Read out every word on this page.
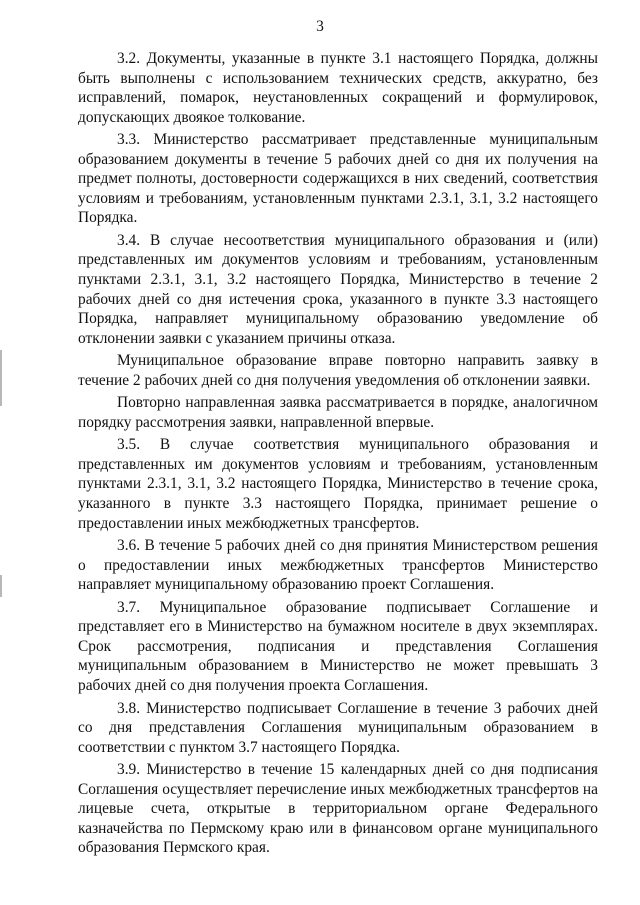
3

3.2. Документы, указанные в пункте 3.1 настоящего Порядка, должны быть выполнены с использованием технических средств, аккуратно, без исправлений, помарок, неустановленных сокращений и формулировок, допускающих двоякое толкование.

3.3. Министерство рассматривает представленные муниципальным образованием документы в течение 5 рабочих дней со дня их получения на предмет полноты, достоверности содержащихся в них сведений, соответствия условиям и требованиям, установленным пунктами 2.3.1, 3.1, 3.2 настоящего Порядка.

3.4. В случае несоответствия муниципального образования и (или) представленных им документов условиям и требованиям, установленным пунктами 2.3.1, 3.1, 3.2 настоящего Порядка, Министерство в течение 2 рабочих дней со дня истечения срока, указанного в пункте 3.3 настоящего Порядка, направляет муниципальному образованию уведомление об отклонении заявки с указанием причины отказа.

Муниципальное образование вправе повторно направить заявку в течение 2 рабочих дней со дня получения уведомления об отклонении заявки.

Повторно направленная заявка рассматривается в порядке, аналогичном порядку рассмотрения заявки, направленной впервые.

3.5. В случае соответствия муниципального образования и представленных им документов условиям и требованиям, установленным пунктами 2.3.1, 3.1, 3.2 настоящего Порядка, Министерство в течение срока, указанного в пункте 3.3 настоящего Порядка, принимает решение о предоставлении иных межбюджетных трансфертов.

3.6. В течение 5 рабочих дней со дня принятия Министерством решения о предоставлении иных межбюджетных трансфертов Министерство направляет муниципальному образованию проект Соглашения.

3.7. Муниципальное образование подписывает Соглашение и представляет его в Министерство на бумажном носителе в двух экземплярах. Срок рассмотрения, подписания и представления Соглашения муниципальным образованием в Министерство не может превышать 3 рабочих дней со дня получения проекта Соглашения.

3.8. Министерство подписывает Соглашение в течение 3 рабочих дней со дня представления Соглашения муниципальным образованием в соответствии с пунктом 3.7 настоящего Порядка.

3.9. Министерство в течение 15 календарных дней со дня подписания Соглашения осуществляет перечисление иных межбюджетных трансфертов на лицевые счета, открытые в территориальном органе Федерального казначейства по Пермскому краю или в финансовом органе муниципального образования Пермского края.
